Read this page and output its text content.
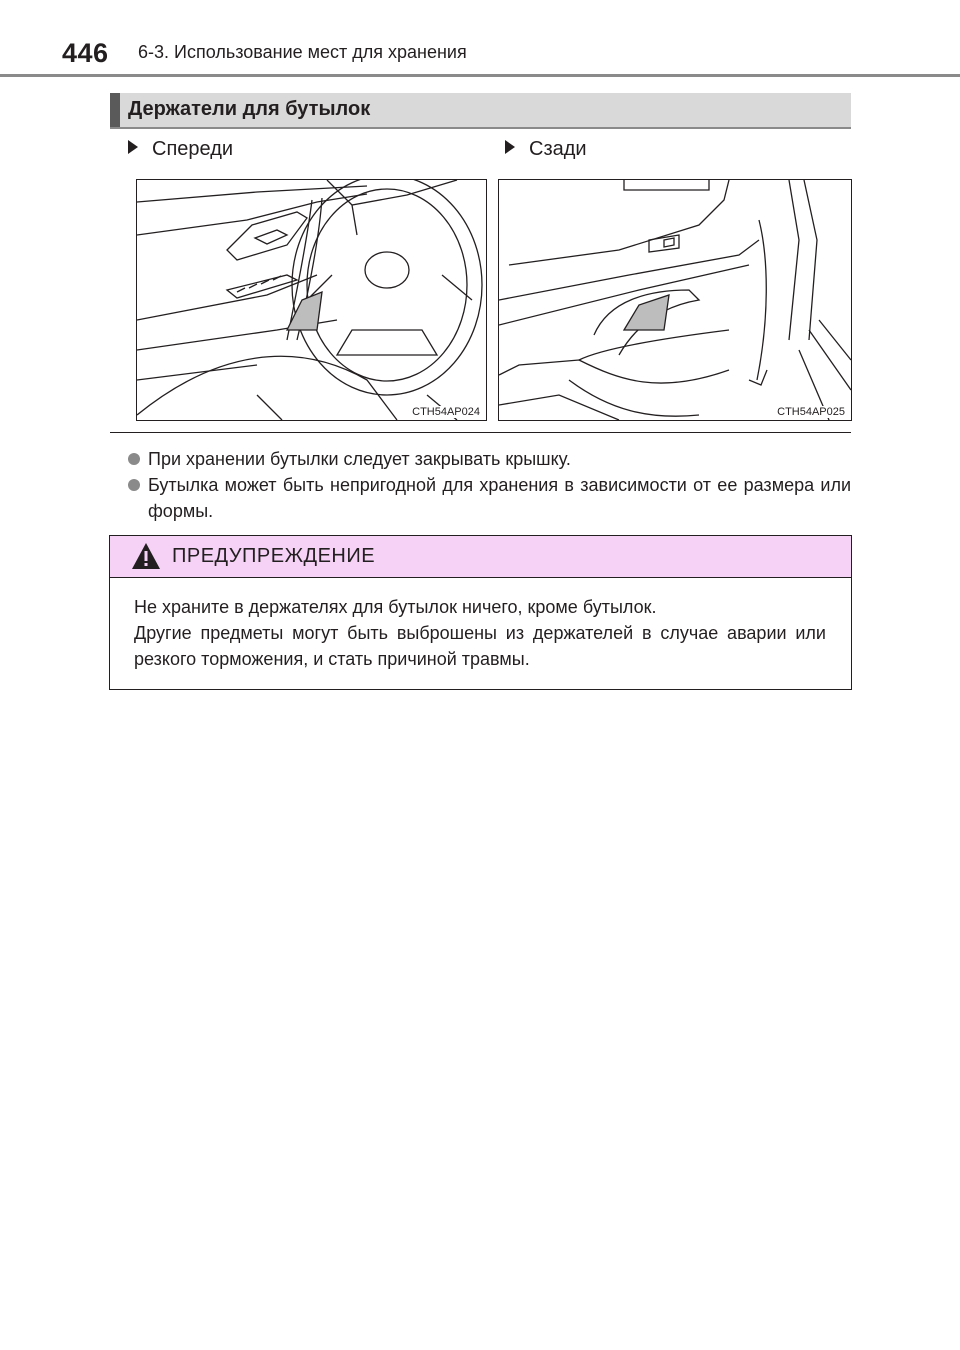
446 6-3. Использование мест для хранения
Держатели для бутылок
Спереди	Сзади
CTH54AP024	CTH54AP025
При хранении бутылки следует закрывать крышку.
Бутылка может быть непригодной для хранения в зависимости от ее размера или формы.
ПРЕДУПРЕЖДЕНИЕ

Не храните в держателях для бутылок ничего, кроме бутылок.

Другие предметы могут быть выброшены из держателей в случае аварии или резкого торможения, и стать причиной травмы.
